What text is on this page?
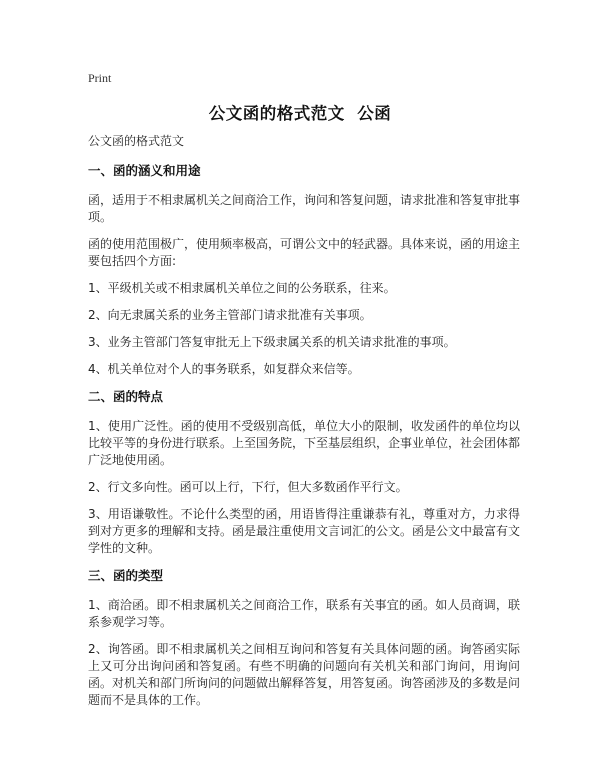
Print
公文函的格式范文  公函
公文函的格式范文
一、函的涵义和用途

函，适用于不相隶属机关之间商洽工作，询问和答复问题，请求批准和答复审批事项。

函的使用范围极广，使用频率极高，可谓公文中的轻武器。具体来说，函的用途主要包括四个方面:

1、平级机关或不相隶属机关单位之间的公务联系，往来。

2、向无隶属关系的业务主管部门请求批准有关事项。

3、业务主管部门答复审批无上下级隶属关系的机关请求批准的事项。

4、机关单位对个人的事务联系，如复群众来信等。

二、函的特点

1、使用广泛性。函的使用不受级别高低，单位大小的限制，收发函件的单位均以比较平等的身份进行联系。上至国务院，下至基层组织，企事业单位，社会团体都广泛地使用函。

2、行文多向性。函可以上行，下行，但大多数函作平行文。

3、用语谦敬性。不论什么类型的函，用语皆得注重谦恭有礼，尊重对方，力求得到对方更多的理解和支持。函是最注重使用文言词汇的公文。函是公文中最富有文学性的文种。

三、函的类型

1、商洽函。即不相隶属机关之间商洽工作，联系有关事宜的函。如人员商调，联系参观学习等。

2、询答函。即不相隶属机关之间相互询问和答复有关具体问题的函。询答函实际上又可分出询问函和答复函。有些不明确的问题向有关机关和部门询问，用询问函。对机关和部门所询问的问题做出解释答复，用答复函。询答函涉及的多数是问题而不是具体的工作。
